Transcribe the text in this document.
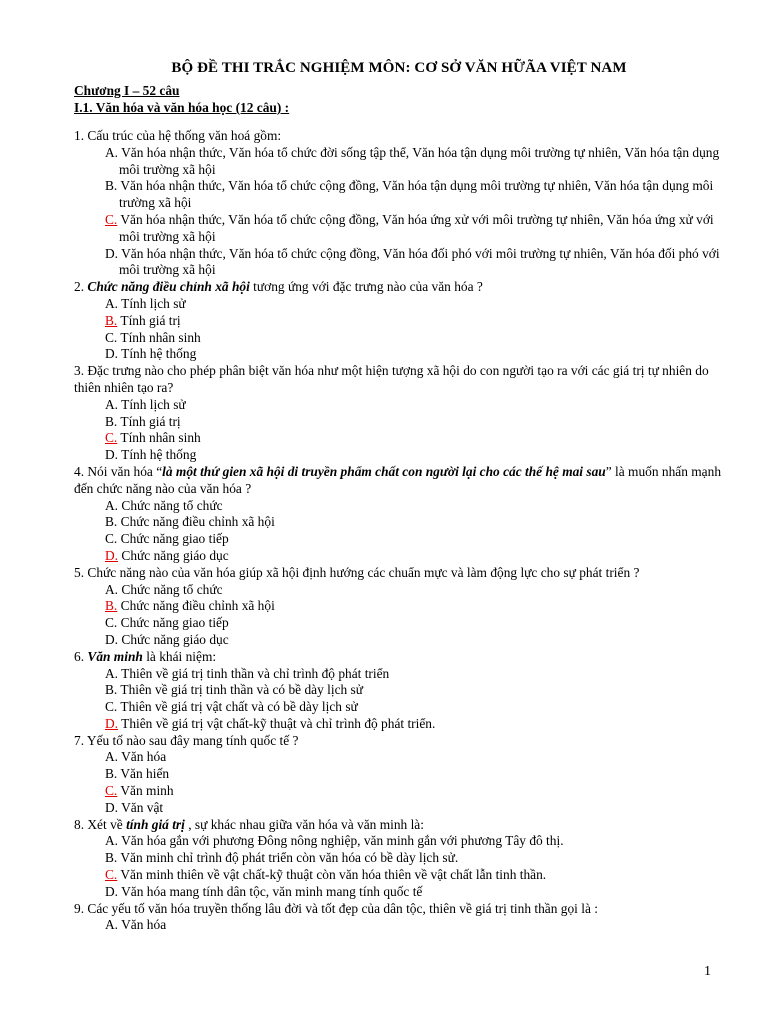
BỘ ĐỀ THI TRẮC NGHIỆM MÔN: CƠ SỞ VĂN HỮÃA VIỆT NAM
Chương I – 52 câu
I.1. Văn hóa và văn hóa học (12 câu) :
1. Cấu trúc của hệ thống văn hoá gồm:
A. Văn hóa nhận thức, Văn hóa tổ chức đời sống tập thể, Văn hóa tận dụng môi trường tự nhiên, Văn hóa tận dụng môi trường xã hội
B. Văn hóa nhận thức, Văn hóa tổ chức cộng đồng, Văn hóa tận dụng môi trường tự nhiên, Văn hóa tận dụng môi trường xã hội
C. Văn hóa nhận thức, Văn hóa tổ chức cộng đồng, Văn hóa ứng xử với môi trường tự nhiên, Văn hóa ứng xử với môi trường xã hội
D. Văn hóa nhận thức, Văn hóa tổ chức cộng đồng, Văn hóa đối phó với môi trường tự nhiên, Văn hóa đối phó với môi trường xã hội
2. Chức năng điều chỉnh xã hội tương ứng với đặc trưng nào của văn hóa ?
A. Tính lịch sử
B. Tính giá trị
C. Tính nhân sinh
D. Tính hệ thống
3. Đặc trưng nào cho phép phân biệt văn hóa như một hiện tượng xã hội do con người tạo ra với các giá trị tự nhiên do thiên nhiên tạo ra?
A. Tính lịch sử
B. Tính giá trị
C. Tính nhân sinh
D. Tính hệ thống
4. Nói văn hóa “là một thứ gien xã hội di truyền phẩm chất con người lại cho các thế hệ mai sau” là muốn nhấn mạnh đến chức năng nào của văn hóa ?
A. Chức năng tổ chức
B. Chức năng điều chỉnh xã hội
C. Chức năng giao tiếp
D. Chức năng giáo dục
5. Chức năng nào của văn hóa giúp xã hội định hướng các chuẩn mực và làm động lực cho sự phát triển ?
A. Chức năng tổ chức
B. Chức năng điều chỉnh xã hội
C. Chức năng giao tiếp
D. Chức năng giáo dục
6. Văn minh là khái niệm:
A. Thiên về giá trị tinh thần và chỉ trình độ phát triển
B. Thiên về giá trị tinh thần và có bề dày lịch sử
C. Thiên về giá trị vật chất và có bề dày lịch sử
D. Thiên về giá trị vật chất-kỹ thuật và chỉ trình độ phát triển.
7. Yếu tố nào sau đây mang tính quốc tế ?
A. Văn hóa
B. Văn hiến
C. Văn minh
D. Văn vật
8. Xét về tính giá trị , sự khác nhau giữa văn hóa và văn minh là:
A. Văn hóa gắn với phương Đông nông nghiệp, văn minh gắn với phương Tây đô thị.
B. Văn minh chỉ trình độ phát triển còn văn hóa có bề dày lịch sử.
C. Văn minh thiên về vật chất-kỹ thuật còn văn hóa thiên về vật chất lẫn tinh thần.
D. Văn hóa mang tính dân tộc, văn minh mang tính quốc tế
9. Các yếu tố văn hóa truyền thống lâu đời và tốt đẹp của dân tộc, thiên về giá trị tinh thần gọi là :
A. Văn hóa
1
